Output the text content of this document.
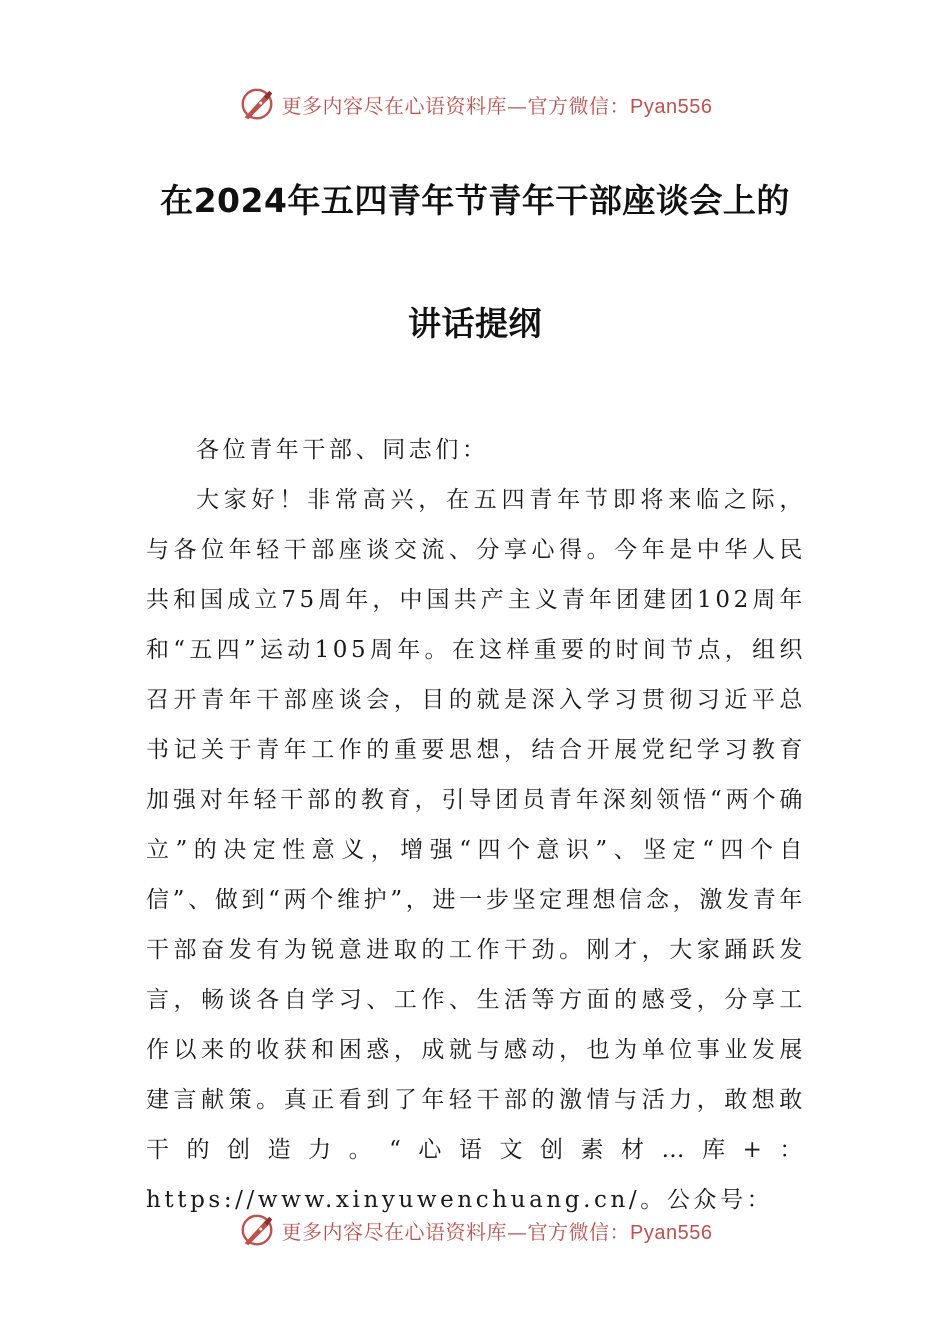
更多内容尽在心语资料库—官方微信：Pyan556
在2024年五四青年节青年干部座谈会上的
讲话提纲
各位青年干部、同志们：

大家好！非常高兴，在五四青年节即将来临之际，与各位年轻干部座谈交流、分享心得。今年是中华人民共和国成立75周年，中国共产主义青年团建团102周年和“五四”运动105周年。在这样重要的时间节点，组织召开青年干部座谈会，目的就是深入学习贯彻习近平总书记关于青年工作的重要思想，结合开展党纪学习教育加强对年轻干部的教育，引导团员青年深刻领悟“两个确立”的决定性意义，增强“四个意识”、坚定“四个自信”、做到“两个维护”，进一步坚定理想信念，激发青年干部奋发有为锐意进取的工作干劲。刚才，大家踊跃发言，畅谈各自学习、工作、生活等方面的感受，分享工作以来的收获和困惑，成就与感动，也为单位事业发展建言献策。真正看到了年轻干部的激情与活力，敢想敢干的创造力。“心语文创素材…库+：https://www.xinyuwenchuang.cn/。公众号：

更多内容尽在心语资料库—官方微信：Pyan556
